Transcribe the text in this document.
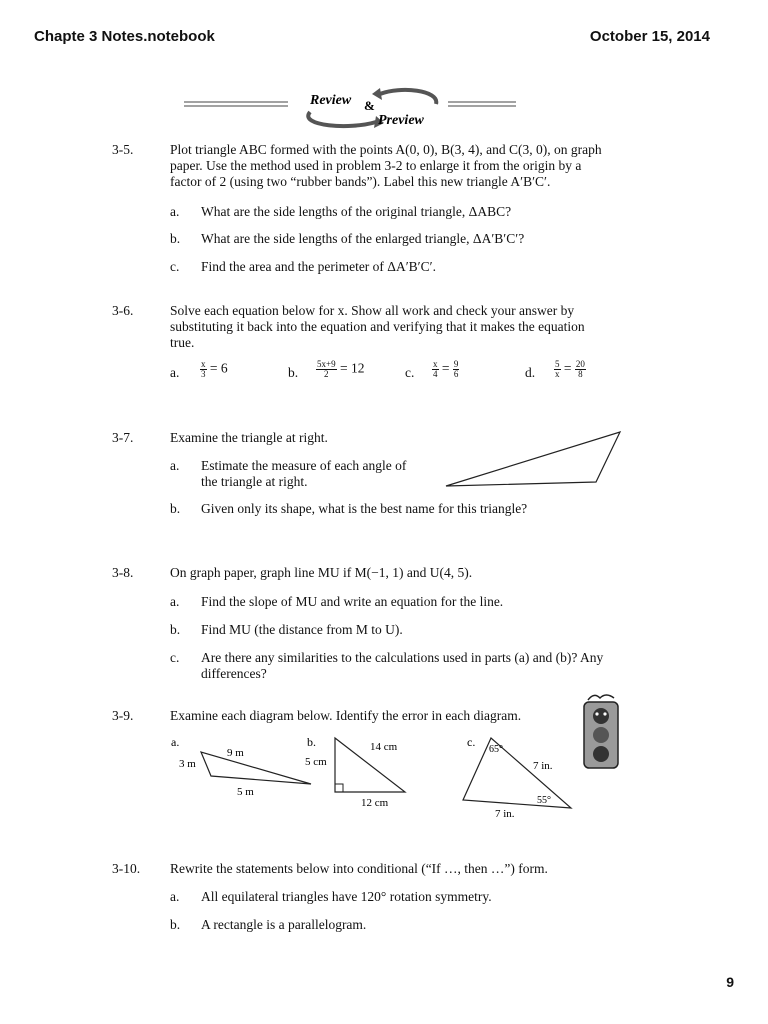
Chapte 3 Notes.notebook	October 15, 2014
Review &
Preview
3-5.	Plot triangle ABC formed with the points A(0, 0), B(3, 4), and C(3, 0), on graph
paper. Use the method used in problem 3-2 to enlarge it from the origin by a
factor of 2 (using two “rubber bands”). Label this new triangle A′B′C′.
a. What are the side lengths of the original triangle, ΔABC?
b. What are the side lengths of the enlarged triangle, ΔA′B′C′?
c. Find the area and the perimeter of ΔA′B′C′.
3-6.	Solve each equation below for x. Show all work and check your answer by
substituting it back into the equation and verifying that it makes the equation
true.
a. $\frac{x}{3} = 6$	b. $\frac{5x+9}{2} = 12$	c. $\frac{x}{4} = \frac{9}{6}$	d. $\frac{5}{x} = \frac{20}{8}$
3-7.	Examine the triangle at right.
a. Estimate the measure of each angle of
the triangle at right.
b. Given only its shape, what is the best name for this triangle?
3-8.	On graph paper, graph line MU if M(−1, 1) and U(4, 5).
a. Find the slope of MU and write an equation for the line.
b. Find MU (the distance from M to U).
c. Are there any similarities to the calculations used in parts (a) and (b)? Any
differences?
3-9.	Examine each diagram below. Identify the error in each diagram.
a.
9 m
3 m
5 m
b.	14 cm
5 cm
12 cm
c.
65°
7 in.
55°
7 in.
3-10. Rewrite the statements below into conditional (“If …, then …”) form.
a. All equilateral triangles have 120° rotation symmetry.
b. A rectangle is a parallelogram.
9
